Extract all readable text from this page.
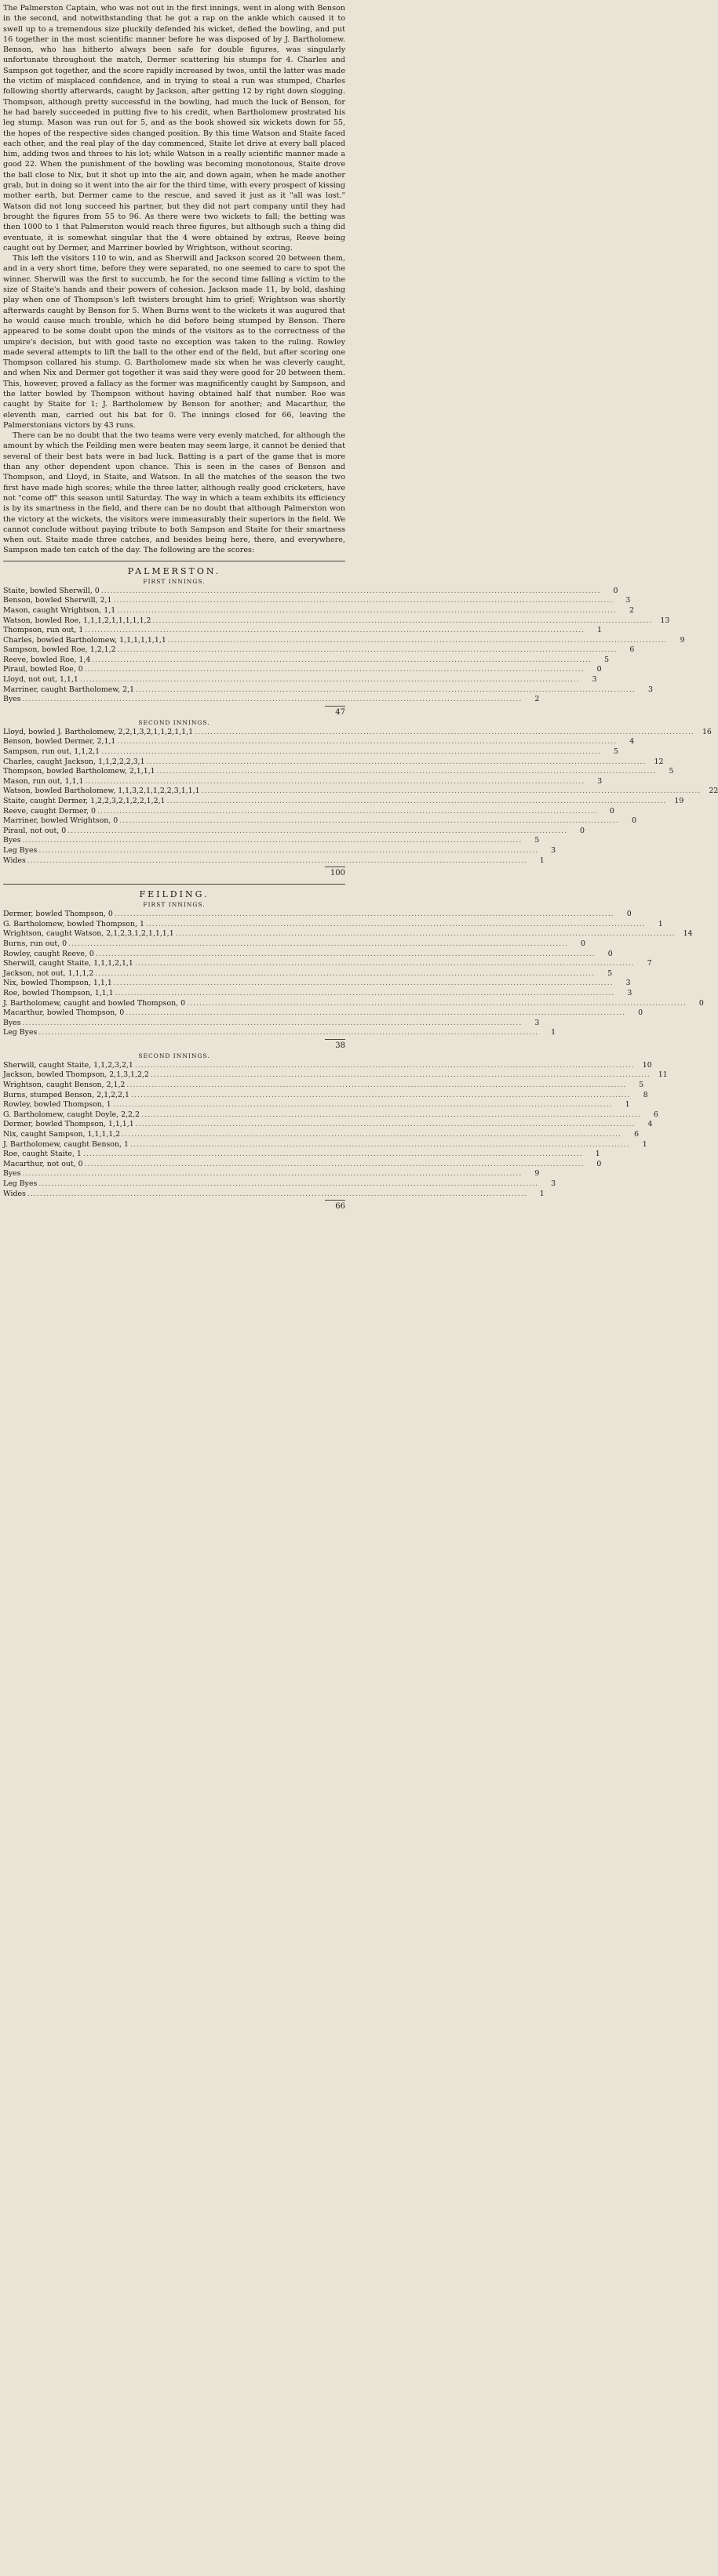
The Palmerston Captain, who was not out in the first innings, went in along with Benson in the second, and notwithstanding that he got a rap on the ankle which caused it to swell up to a tremendous size pluckily defended his wicket, defied the bowling, and put 16 together in the most scientific manner before he was disposed of by J. Bartholomew. Benson, who has hitherto always been safe for double figures, was singularly unfortunate throughout the match, Dermer scattering his stumps for 4. Charles and Sampson got together, and the score rapidly increased by twos, until the latter was made the victim of misplaced confidence, and in trying to steal a run was stumped, Charles following shortly afterwards, caught by Jackson, after getting 12 by right down slogging. Thompson, although pretty successful in the bowling, had much the luck of Benson, for he had barely succeeded in putting five to his credit, when Bartholomew prostrated his leg stump. Mason was run out for 5, and as the book showed six wickets down for 55, the hopes of the respective sides changed position. By this time Watson and Staite faced each other, and the real play of the day commenced, Staite let drive at every ball placed him, adding twos and threes to his lot; while Watson in a really scientific manner made a good 22. When the punishment of the bowling was becoming monotonous, Staite drove the ball close to Nix, but it shot up into the air, and down again, when he made another grab, but in doing so it went into the air for the third time, with every prospect of kissing mother earth, but Dermer came to the rescue, and saved it just as it "all was lost." Watson did not long succeed his partner, but they did not part company until they had brought the figures from 55 to 96. As there were two wickets to fall; the betting was then 1000 to 1 that Palmerston would reach three figures, but although such a thing did eventuate, it is somewhat singular that the 4 were obtained by extras, Reeve being caught out by Dermer, and Marriner bowled by Wrightson, without scoring.

This left the visitors 110 to win, and as Sherwill and Jackson scored 20 between them, and in a very short time, before they were separated, no one seemed to care to spot the winner. Sherwill was the first to succumb, he for the second time falling a victim to the size of Staite's hands and their powers of cohesion. Jackson made 11, by bold, dashing play when one of Thompson's left twisters brought him to grief; Wrightson was shortly afterwards caught by Benson for 5. When Burns went to the wickets it was augured that he would cause much trouble, which he did before being stumped by Benson. There appeared to be some doubt upon the minds of the visitors as to the correctness of the umpire's decision, but with good taste no exception was taken to the ruling. Rowley made several attempts to lift the ball to the other end of the field, but after scoring one Thompson collared his stump. G. Bartholomew made six when he was cleverly caught, and when Nix and Dermer got together it was said they were good for 20 between them. This, however, proved a fallacy as the former was magnificently caught by Sampson, and the latter bowled by Thompson without having obtained half that number. Roe was caught by Staite for 1; J. Bartholomew by Benson for another; and Macarthur, the eleventh man, carried out his bat for 0. The innings closed for 66, leaving the Palmerstonians victors by 43 runs.

There can be no doubt that the two teams were very evenly matched, for although the amount by which the Feilding men were beaten may seem large, it cannot be denied that several of their best bats were in bad luck. Batting is a part of the game that is more than any other dependent upon chance. This is seen in the cases of Benson and Thompson, and Lloyd, in Staite, and Watson. In all the matches of the season the two first have made high scores; while the three latter, although really good cricketers, have not "come off" this season until Saturday. The way in which a team exhibits its efficiency is by its smartness in the field, and there can be no doubt that although Palmerston won the victory at the wickets, the visitors were immeasurably their superiors in the field. We cannot conclude without paying tribute to both Sampson and Staite for their smartness when out. Staite made three catches, and besides being here, there, and everywhere, Sampson made ten catch of the day. The following are the scores:

PALMERSTON.
FIRST INNINGS.
Staite, bowled Sherwill, 0 .....	0
Benson, bowled Sherwill, 2,1 .....	3
Mason, caught Wrightson, 1,1 .....	2
Watson, bowled Roe, 1,1,1,2,1,1,1,1,1,2 .....	13
Thompson, run out, 1 .....	1
Charles, bowled Bartholomew, 1,1,1,1,1,1,1 .....	9
Sampson, bowled Roe, 1,2,1,2 .....	6
Reeve, bowled Roe, 1,4 .....	5
Piraul, bowled Roe, 0 .....	0
Lloyd, not out, 1,1,1 .....	3
Marriner, caught Bartholomew, 2,1 .....	3
Byes .....	2
47
SECOND INNINGS.
Lloyd, bowled J. Bartholomew, 2,2,1,3,2,1,1,2,1,1,1 .....	16
Benson, bowled Dermer, 2,1,1 .....	4
Sampson, run out, 1,1,2,1 .....	5
Charles, caught Jackson, 1,1,2,2,2,3,1 .....	12
Thompson, bowled Bartholomew, 2,1,1,1 .....	5
Mason, run out, 1,1,1 .....	3
Watson, bowled Bartholomew, 1,1,3,2,1,1,2,2,3,1,1,1 .....	22
Staite, caught Dermer, 1,2,2,3,2,1,2,2,1,2,1 .....	19
Reeve, caught Dermer, 0 .....	0
Marriner, bowled Wrightson, 0 .....	0
Piraul, not out, 0 .....	0
Byes .....	5
Leg Byes .....	3
Wides .....	1
100
FEILDING.
FIRST INNINGS.
Dermer, bowled Thompson, 0 .....	0
G. Bartholomew, bowled Thompson, 1 .....	1
Wrightson, caught Watson, 2,1,2,3,1,2,1,1,1,1 .....	14
Burns, run out, 0 .....	0
Rowley, caught Reeve, 0 .....	0
Sherwill, caught Staite, 1,1,1,2,1,1 .....	7
Jackson, not out, 1,1,1,2 .....	5
Nix, bowled Thompson, 1,1,1 .....	3
Roe, bowled Thompson, 1,1,1 .....	3
J. Bartholomew, caught and bowled Thompson, 0 .....	0
Macarthur, bowled Thompson, 0 .....	0
Byes .....	3
Leg Byes .....	1
38
SECOND INNINGS.
Sherwill, caught Staite, 1,1,2,3,2,1 .....	10
Jackson, bowled Thompson, 2,1,3,1,2,2 .....	11
Wrightson, caught Benson, 2,1,2 .....	5
Burns, stumped Benson, 2,1,2,2,1 .....	8
Rowley, bowled Thompson, 1 .....	1
G. Bartholomew, caught Doyle, 2,2,2 .....	6
Dermer, bowled Thompson, 1,1,1,1 .....	4
Nix, caught Sampson, 1,1,1,1,2 .....	6
J. Bartholomew, caught Benson, 1 .....	1
Roe, caught Staite, 1 .....	1
Macarthur, not out, 0 .....	0
Byes .....	9
Leg Byes .....	3
Wides .....	1
66
